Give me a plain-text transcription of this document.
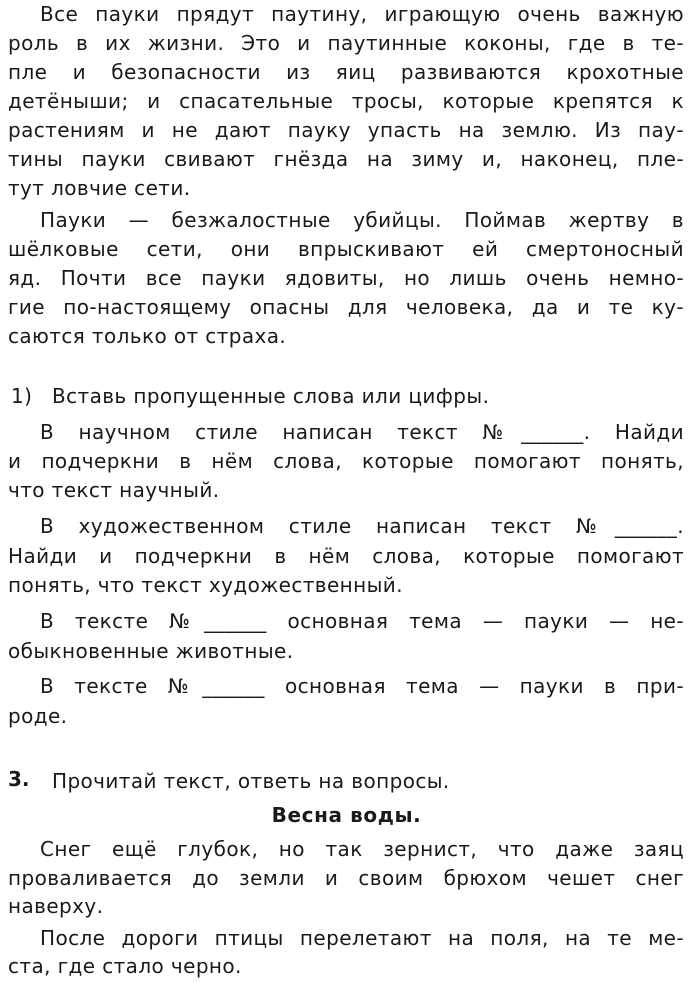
Все пауки прядут паутину, играющую очень важную
роль в их жизни. Это и паутинные коконы, где в те-
пле и безопасности из яиц развиваются крохотные
детёныши; и спасательные тросы, которые крепятся к
растениям и не дают пауку упасть на землю. Из пау-
тины пауки свивают гнёзда на зиму и, наконец, пле-
тут ловчие сети.
Пауки — безжалостные убийцы. Поймав жертву в
шёлковые сети, они впрыскивают ей смертоносный
яд. Почти все пауки ядовиты, но лишь очень немно-
гие по-настоящему опасны для человека, да и те ку-
саются только от страха.
1) Вставь пропущенные слова или цифры.
В научном стиле написан текст №______. Найди
и подчеркни в нём слова, которые помогают понять,
что текст научный.
В художественном стиле написан текст №______.
Найди и подчеркни в нём слова, которые помогают
понять, что текст художественный.
В тексте №______ основная тема — пауки — не-
обыкновенные животные.
В тексте №______ основная тема — пауки в при-
роде.
3. Прочитай текст, ответь на вопросы.
Весна воды.
Снег ещё глубок, но так зернист, что даже заяц
проваливается до земли и своим брюхом чешет снег
наверху.
После дороги птицы перелетают на поля, на те ме-
ста, где стало черно.
